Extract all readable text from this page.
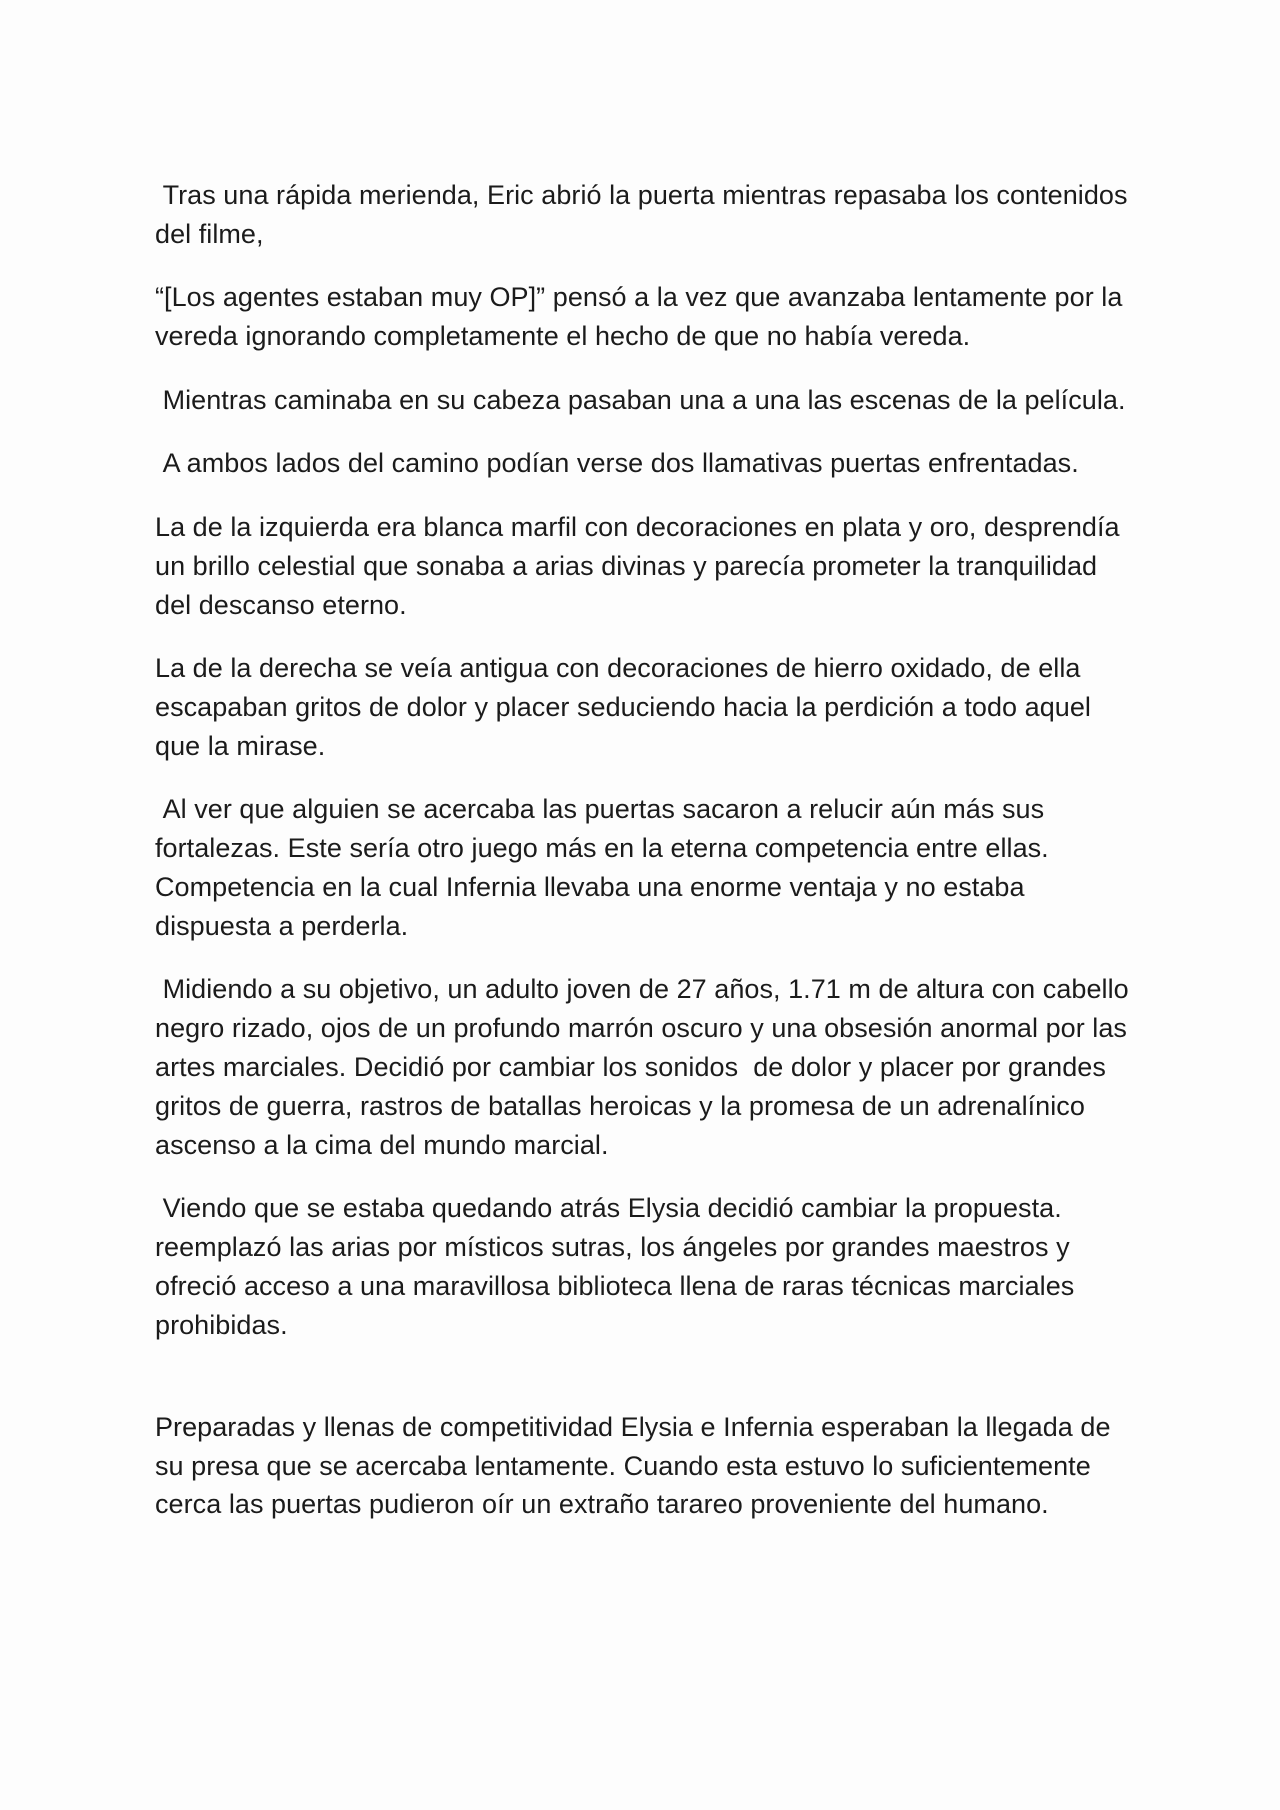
Tras una rápida merienda, Eric abrió la puerta mientras repasaba los contenidos del filme,

“[Los agentes estaban muy OP]” pensó a la vez que avanzaba lentamente por la vereda ignorando completamente el hecho de que no había vereda.

Mientras caminaba en su cabeza pasaban una a una las escenas de la película.

A ambos lados del camino podían verse dos llamativas puertas enfrentadas.

La de la izquierda era blanca marfil con decoraciones en plata y oro, desprendía un brillo celestial que sonaba a arias divinas y parecía prometer la tranquilidad del descanso eterno.

La de la derecha se veía antigua con decoraciones de hierro oxidado, de ella escapaban gritos de dolor y placer seduciendo hacia la perdición a todo aquel que la mirase.

Al ver que alguien se acercaba las puertas sacaron a relucir aún más sus fortalezas. Este sería otro juego más en la eterna competencia entre ellas. Competencia en la cual Infernia llevaba una enorme ventaja y no estaba dispuesta a perderla.

Midiendo a su objetivo, un adulto joven de 27 años, 1.71 m de altura con cabello negro rizado, ojos de un profundo marrón oscuro y una obsesión anormal por las artes marciales. Decidió por cambiar los sonidos  de dolor y placer por grandes gritos de guerra, rastros de batallas heroicas y la promesa de un adrenalínico ascenso a la cima del mundo marcial.

Viendo que se estaba quedando atrás Elysia decidió cambiar la propuesta. reemplazó las arias por místicos sutras, los ángeles por grandes maestros y ofreció acceso a una maravillosa biblioteca llena de raras técnicas marciales prohibidas.

Preparadas y llenas de competitividad Elysia e Infernia esperaban la llegada de su presa que se acercaba lentamente. Cuando esta estuvo lo suficientemente cerca las puertas pudieron oír un extraño tarareo proveniente del humano.
